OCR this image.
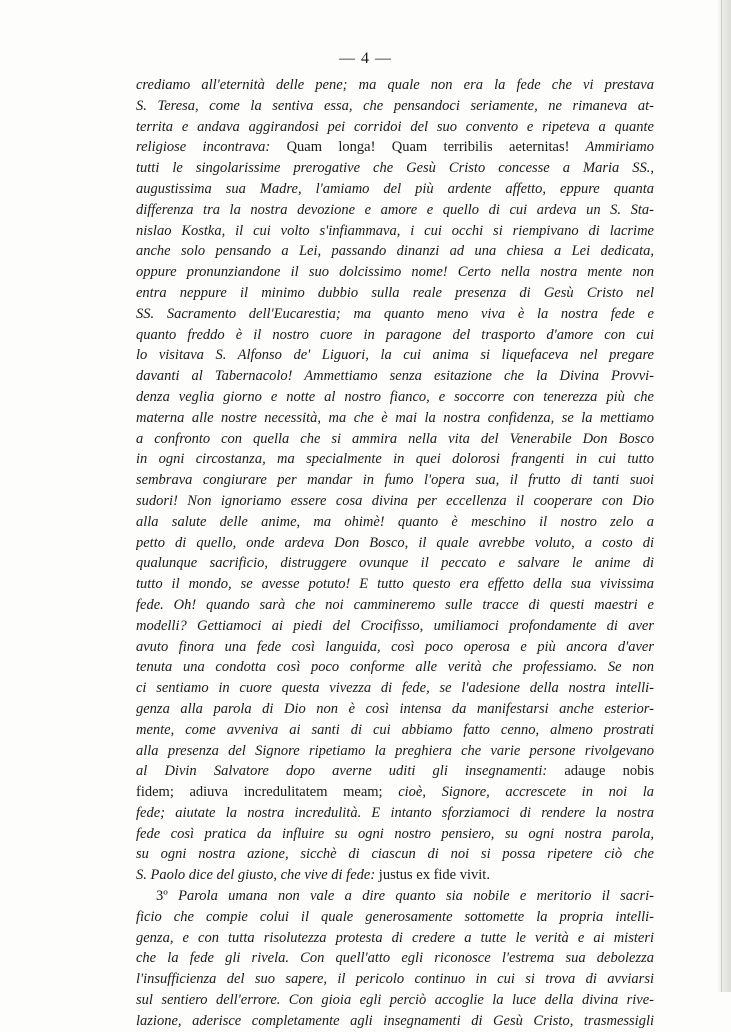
— 4 —
crediamo all'eternità delle pene; ma quale non era la fede che vi prestava
S. Teresa, come la sentiva essa, che pensandoci seriamente, ne rimaneva at-
territa e andava aggirandosi pei corridoi del suo convento e ripeteva a quante
religiose incontrava: Quam longa! Quam terribilis aeternitas! Ammiriamo
tutti le singolarissime prerogative che Gesù Cristo concesse a Maria SS.,
augustissima sua Madre, l'amiamo del più ardente affetto, eppure quanta
differenza tra la nostra devozione e amore e quello di cui ardeva un S. Sta-
nislao Kostka, il cui volto s'infiammava, i cui occhi si riempivano di lacrime
anche solo pensando a Lei, passando dinanzi ad una chiesa a Lei dedicata,
oppure pronunziandone il suo dolcissimo nome! Certo nella nostra mente non
entra neppure il minimo dubbio sulla reale presenza di Gesù Cristo nel
SS. Sacramento dell'Eucarestia; ma quanto meno viva è la nostra fede e
quanto freddo è il nostro cuore in paragone del trasporto d'amore con cui
lo visitava S. Alfonso de' Liguori, la cui anima si liquefaceva nel pregare
davanti al Tabernacolo! Ammettiamo senza esitazione che la Divina Provvi-
denza veglia giorno e notte al nostro fianco, e soccorre con tenerezza più che
materna alle nostre necessità, ma che è mai la nostra confidenza, se la mettiamo
a confronto con quella che si ammira nella vita del Venerabile Don Bosco
in ogni circostanza, ma specialmente in quei dolorosi frangenti in cui tutto
sembrava congiurare per mandar in fumo l'opera sua, il frutto di tanti suoi
sudori! Non ignoriamo essere cosa divina per eccellenza il cooperare con Dio
alla salute delle anime, ma ohimè! quanto è meschino il nostro zelo a
petto di quello, onde ardeva Don Bosco, il quale avrebbe voluto, a costo di
qualunque sacrificio, distruggere ovunque il peccato e salvare le anime di
tutto il mondo, se avesse potuto! E tutto questo era effetto della sua vivissima
fede. Oh! quando sarà che noi cammineremo sulle tracce di questi maestri e
modelli? Gettiamoci ai piedi del Crocifisso, umiliamoci profondamente di aver
avuto finora una fede così languida, così poco operosa e più ancora d'aver
tenuta una condotta così poco conforme alle verità che professiamo. Se non
ci sentiamo in cuore questa vivezza di fede, se l'adesione della nostra intelli-
genza alla parola di Dio non è così intensa da manifestarsi anche esterior-
mente, come avveniva ai santi di cui abbiamo fatto cenno, almeno prostrati
alla presenza del Signore ripetiamo la preghiera che varie persone rivolgevano
al Divin Salvatore dopo averne uditi gli insegnamenti: adauge nobis
fidem; adiuva incredulitatem meam; cioè, Signore, accrescete in noi la
fede; aiutate la nostra incredulità. E intanto sforziamoci di rendere la nostra
fede così pratica da influire su ogni nostro pensiero, su ogni nostra parola,
su ogni nostra azione, sicchè di ciascun di noi si possa ripetere ciò che
S. Paolo dice del giusto, che vive di fede: justus ex fide vivit.
3º Parola umana non vale a dire quanto sia nobile e meritorio il sacri-
ficio che compie colui il quale generosamente sottomette la propria intelli-
genza, e con tutta risolutezza protesta di credere a tutte le verità e ai misteri
che la fede gli rivela. Con quell'atto egli riconosce l'estrema sua debolezza
l'insufficienza del suo sapere, il pericolo continuo in cui si trova di avviarsi
sul sentiero dell'errore. Con gioia egli perciò accoglie la luce della divina rive-
lazione, aderisce completamente agli insegnamenti di Gesù Cristo, trasmessigli
